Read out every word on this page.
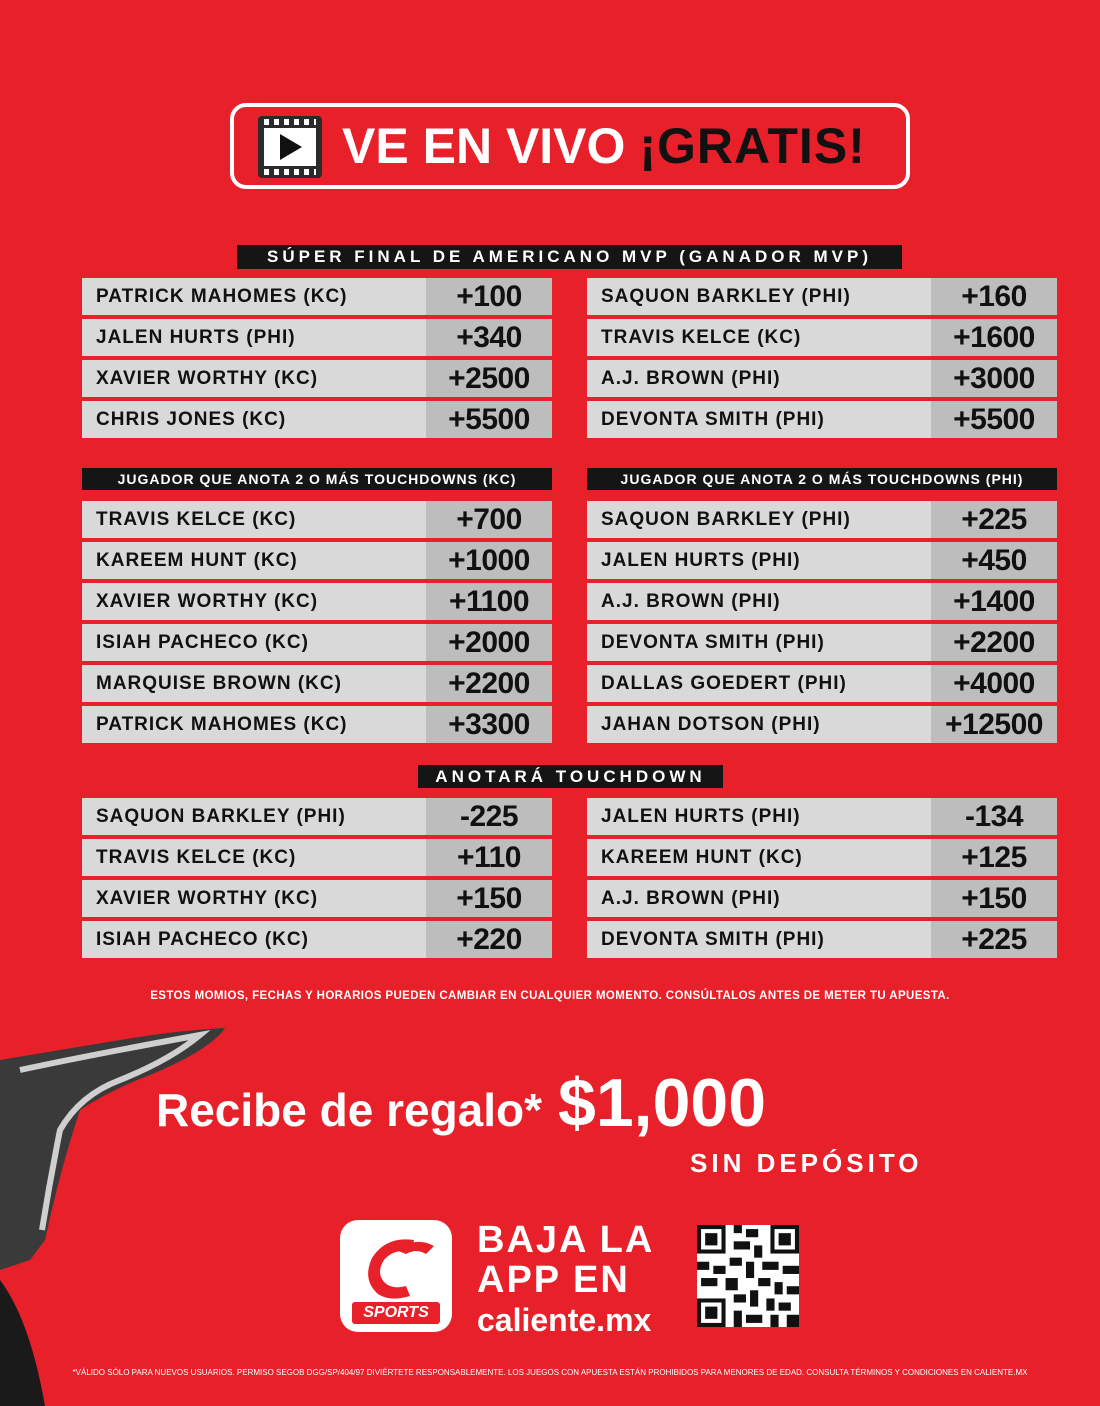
VE EN VIVO ¡GRATIS!
SÚPER FINAL DE AMERICANO MVP (GANADOR MVP)
PATRICK MAHOMES (KC)	+100
JALEN HURTS (PHI)	+340
XAVIER WORTHY (KC)	+2500
CHRIS JONES (KC)	+5500
SAQUON BARKLEY (PHI)	+160
TRAVIS KELCE (KC)	+1600
A.J. BROWN (PHI)	+3000
DEVONTA SMITH (PHI)	+5500
JUGADOR QUE ANOTA 2 O MÁS TOUCHDOWNS (KC)	JUGADOR QUE ANOTA 2 O MÁS TOUCHDOWNS (PHI)
TRAVIS KELCE (KC)	+700
KAREEM HUNT (KC)	+1000
XAVIER WORTHY (KC)	+1100
ISIAH PACHECO (KC)	+2000
MARQUISE BROWN (KC)	+2200
PATRICK MAHOMES (KC)	+3300
SAQUON BARKLEY (PHI)	+225
JALEN HURTS (PHI)	+450
A.J. BROWN (PHI)	+1400
DEVONTA SMITH (PHI)	+2200
DALLAS GOEDERT (PHI)	+4000
JAHAN DOTSON (PHI)	+12500
ANOTARÁ TOUCHDOWN
SAQUON BARKLEY (PHI)	-225
TRAVIS KELCE (KC)	+110
XAVIER WORTHY (KC)	+150
ISIAH PACHECO (KC)	+220
JALEN HURTS (PHI)	-134
KAREEM HUNT (KC)	+125
A.J. BROWN (PHI)	+150
DEVONTA SMITH (PHI)	+225
ESTOS MOMIOS, FECHAS Y HORARIOS PUEDEN CAMBIAR EN CUALQUIER MOMENTO. CONSÚLTALOS ANTES DE METER TU APUESTA.
Recibe de regalo* $1,000
SIN DEPÓSITO
SPORTS
BAJA LA
APP EN
caliente.mx
*VÁLIDO SÓLO PARA NUEVOS USUARIOS. PERMISO SEGOB DGG/SP/404/97 DIVIÉRTETE RESPONSABLEMENTE. LOS JUEGOS CON APUESTA ESTÁN PROHIBIDOS PARA MENORES DE EDAD. CONSULTA TÉRMINOS Y CONDICIONES EN CALIENTE.MX
